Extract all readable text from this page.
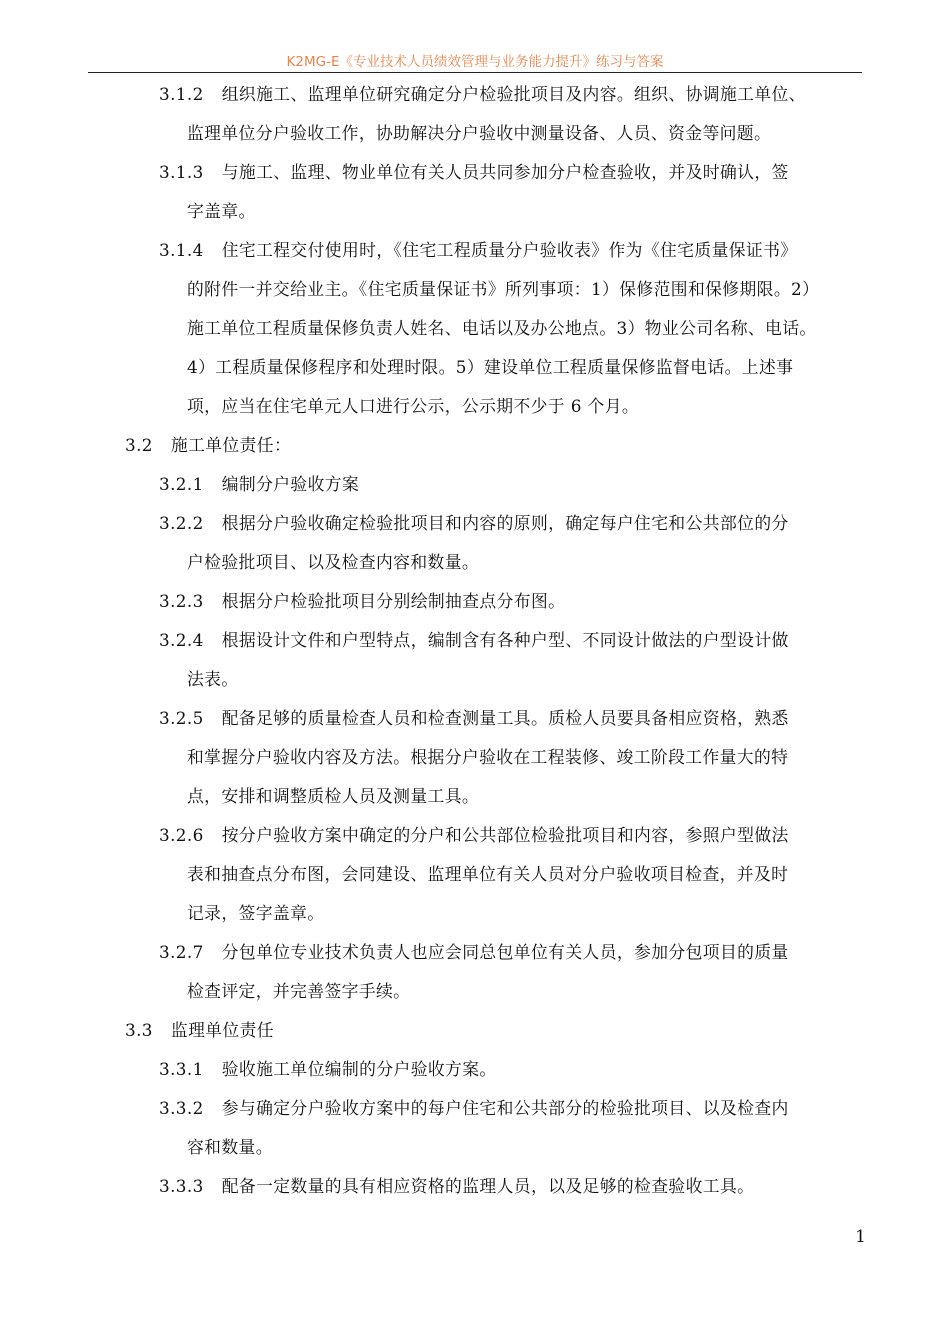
K2MG-E《专业技术人员绩效管理与业务能力提升》练习与答案
3.1.2 组织施工、监理单位研究确定分户检验批项目及内容。组织、协调施工单位、
监理单位分户验收工作，协助解决分户验收中测量设备、人员、资金等问题。
3.1.3 与施工、监理、物业单位有关人员共同参加分户检查验收，并及时确认，签
字盖章。
3.1.4 住宅工程交付使用时，《住宅工程质量分户验收表》作为《住宅质量保证书》
的附件一并交给业主。《住宅质量保证书》所列事项：1）保修范围和保修期限。2）
施工单位工程质量保修负责人姓名、电话以及办公地点。3）物业公司名称、电话。
4）工程质量保修程序和处理时限。5）建设单位工程质量保修监督电话。上述事
项，应当在住宅单元人口进行公示，公示期不少于 6 个月。
3.2 施工单位责任：
3.2.1 编制分户验收方案
3.2.2 根据分户验收确定检验批项目和内容的原则，确定每户住宅和公共部位的分
户检验批项目、以及检查内容和数量。
3.2.3 根据分户检验批项目分别绘制抽查点分布图。
3.2.4 根据设计文件和户型特点，编制含有各种户型、不同设计做法的户型设计做
法表。
3.2.5 配备足够的质量检查人员和检查测量工具。质检人员要具备相应资格，熟悉
和掌握分户验收内容及方法。根据分户验收在工程装修、竣工阶段工作量大的特
点，安排和调整质检人员及测量工具。
3.2.6 按分户验收方案中确定的分户和公共部位检验批项目和内容，参照户型做法
表和抽查点分布图，会同建设、监理单位有关人员对分户验收项目检查，并及时
记录，签字盖章。
3.2.7 分包单位专业技术负责人也应会同总包单位有关人员，参加分包项目的质量
检查评定，并完善签字手续。
3.3 监理单位责任
3.3.1 验收施工单位编制的分户验收方案。
3.3.2 参与确定分户验收方案中的每户住宅和公共部分的检验批项目、以及检查内
容和数量。
3.3.3 配备一定数量的具有相应资格的监理人员，以及足够的检查验收工具。
1
